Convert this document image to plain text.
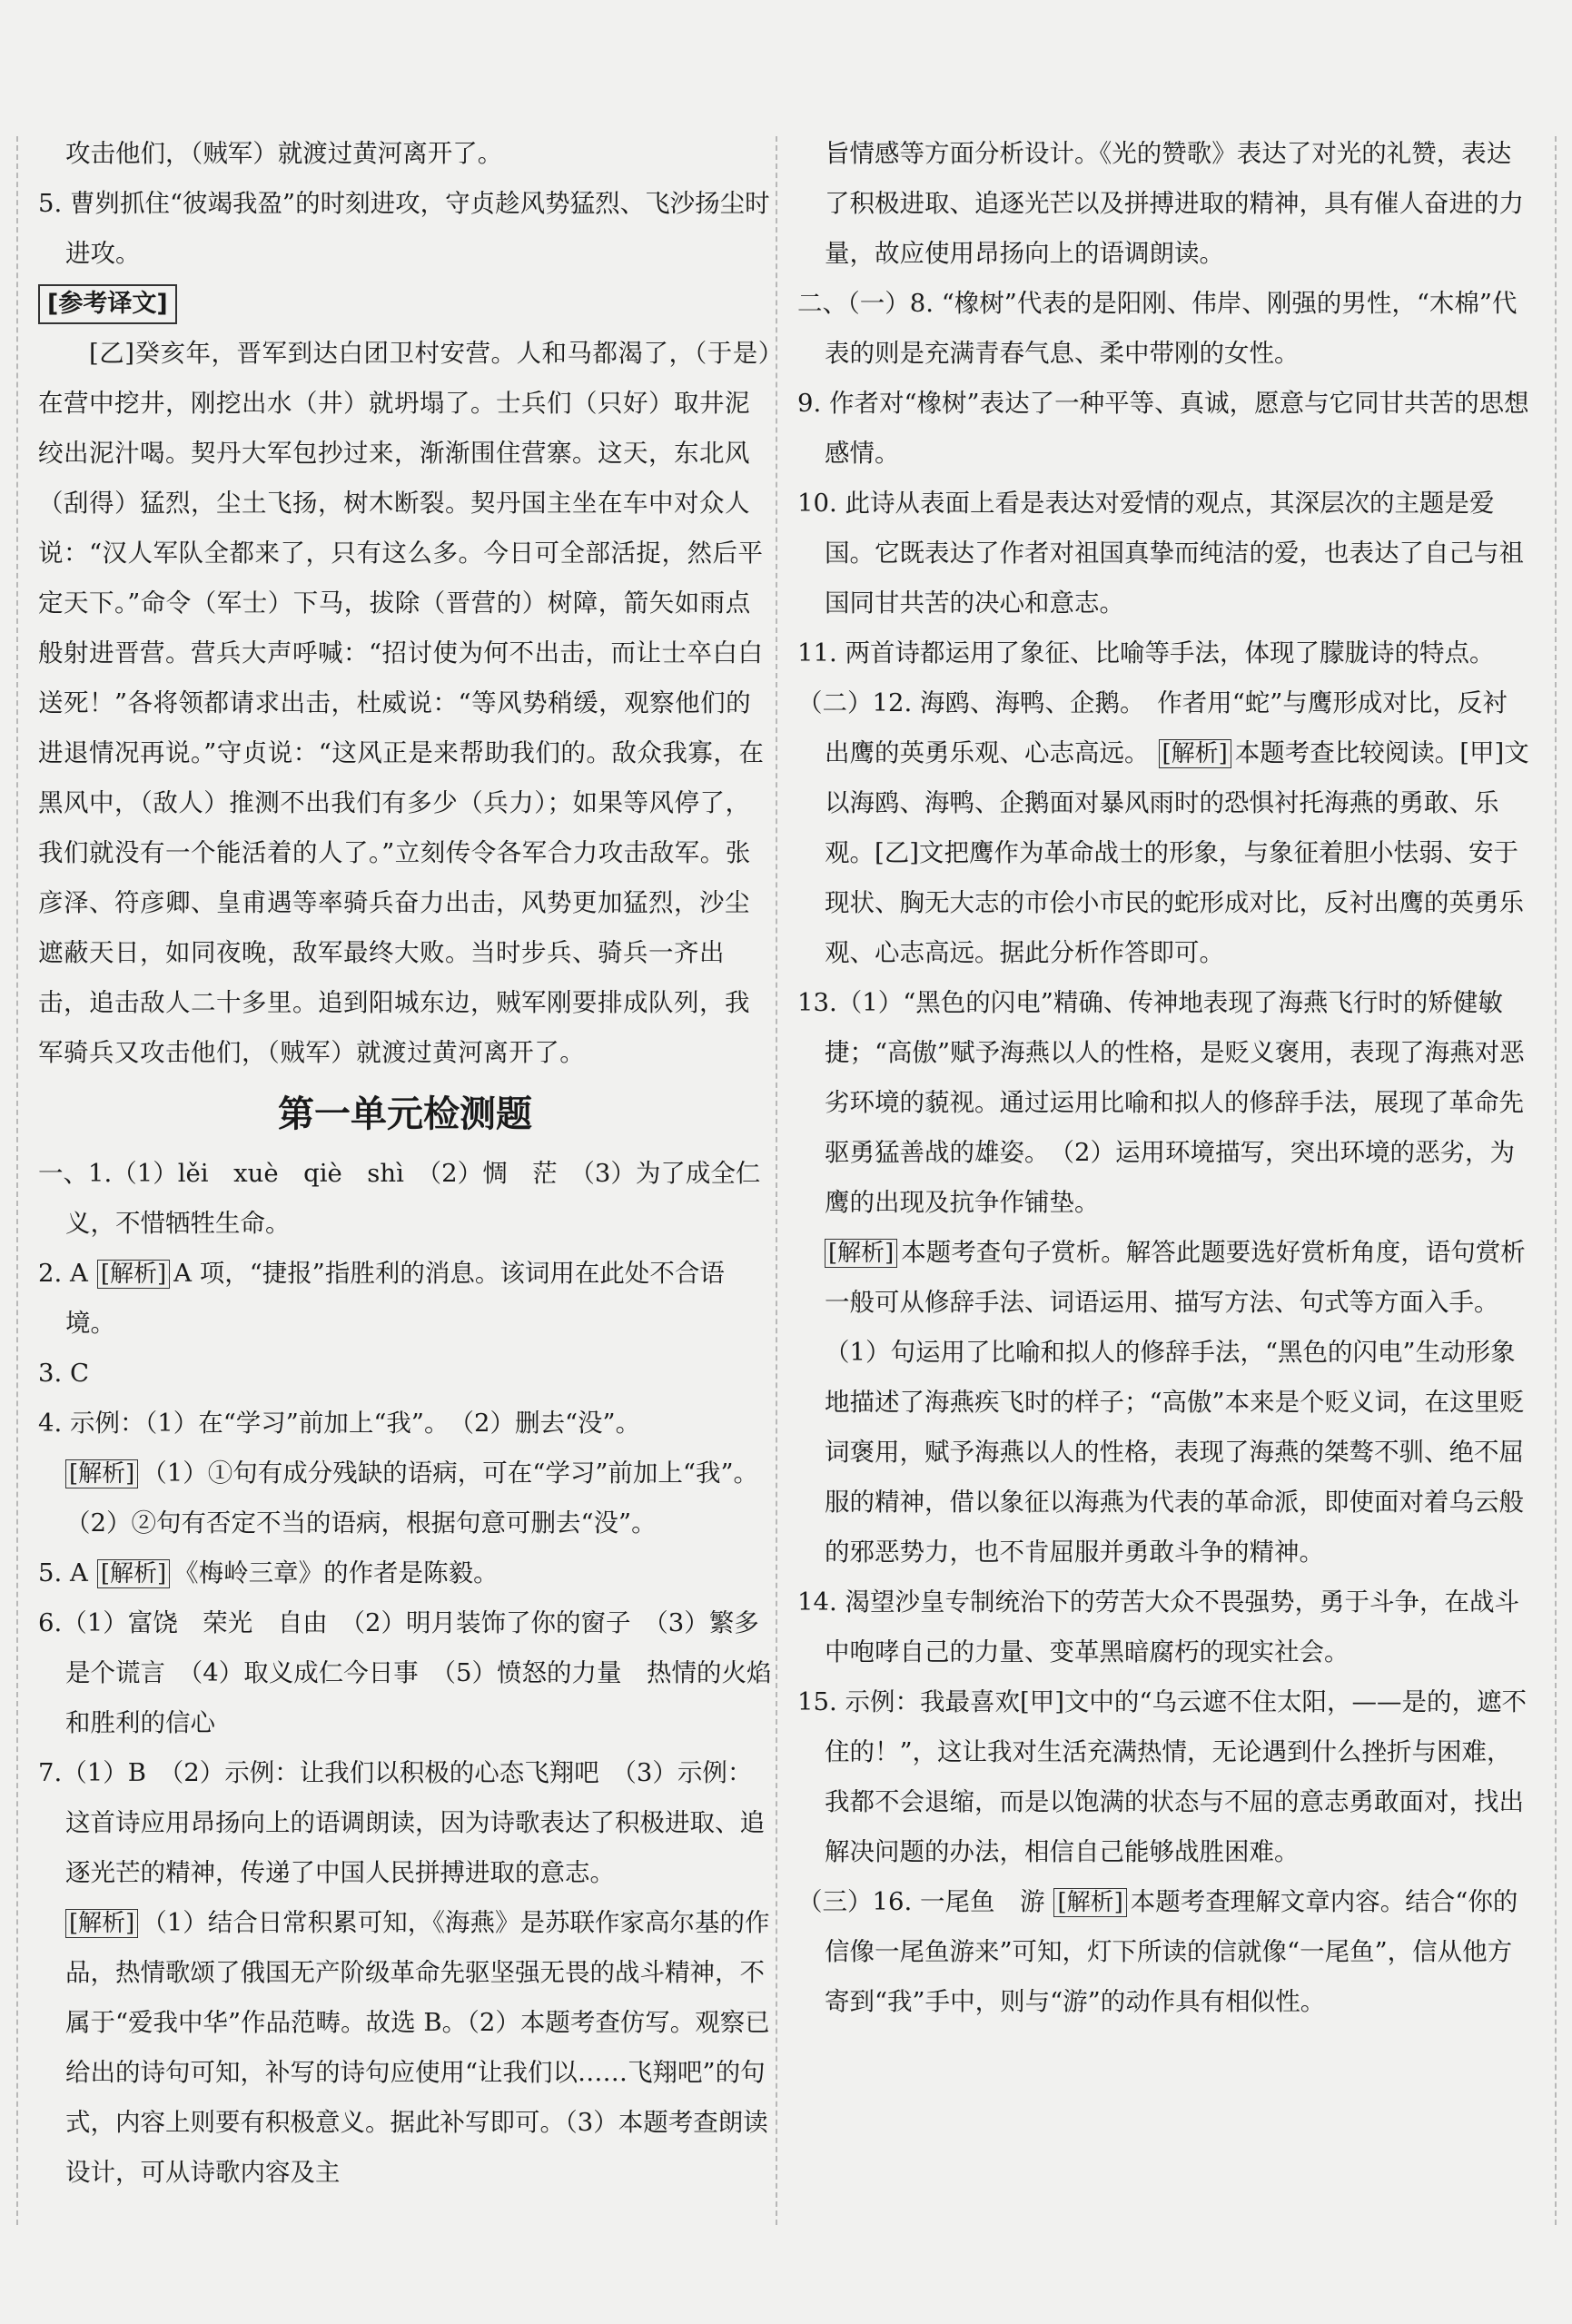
攻击他们，（贼军）就渡过黄河离开了。

5. 曹刿抓住“彼竭我盈”的时刻进攻，守贞趁风势猛烈、飞沙扬尘时进攻。

[参考译文]

[乙]癸亥年，晋军到达白团卫村安营。人和马都渴了，（于是）在营中挖井，刚挖出水（井）就坍塌了。士兵们（只好）取井泥绞出泥汁喝。契丹大军包抄过来，渐渐围住营寨。这天，东北风（刮得）猛烈，尘土飞扬，树木断裂。契丹国主坐在车中对众人说：“汉人军队全都来了，只有这么多。今日可全部活捉，然后平定天下。”命令（军士）下马，拔除（晋营的）树障，箭矢如雨点般射进晋营。营兵大声呼喊：“招讨使为何不出击，而让士卒白白送死！”各将领都请求出击，杜威说：“等风势稍缓，观察他们的进退情况再说。”守贞说：“这风正是来帮助我们的。敌众我寡，在黑风中，（敌人）推测不出我们有多少（兵力）；如果等风停了，我们就没有一个能活着的人了。”立刻传令各军合力攻击敌军。张彦泽、符彦卿、皇甫遇等率骑兵奋力出击，风势更加猛烈，沙尘遮蔽天日，如同夜晚，敌军最终大败。当时步兵、骑兵一齐出击，追击敌人二十多里。追到阳城东边，贼军刚要排成队列，我军骑兵又攻击他们，（贼军）就渡过黄河离开了。

第一单元检测题

一、1.（1）lěi　xuè　qiè　shì　（2）惆　茫　（3）为了成全仁义，不惜牺牲生命。

2. A [解析] A 项，“捷报”指胜利的消息。该词用在此处不合语境。

3. C

4. 示例：（1）在“学习”前加上“我”。　（2）删去“没”。

[解析] （1）①句有成分残缺的语病，可在“学习”前加上“我”。（2）②句有否定不当的语病，根据句意可删去“没”。

5. A [解析] 《梅岭三章》的作者是陈毅。

6.（1）富饶　荣光　自由　（2）明月装饰了你的窗子　（3）繁多是个谎言　（4）取义成仁今日事　（5）愤怒的力量　热情的火焰和胜利的信心

7.（1）B　（2）示例：让我们以积极的心态飞翔吧　（3）示例：这首诗应用昂扬向上的语调朗读，因为诗歌表达了积极进取、追逐光芒的精神，传递了中国人民拼搏进取的意志。

[解析] （1）结合日常积累可知，《海燕》是苏联作家高尔基的作品，热情歌颂了俄国无产阶级革命先驱坚强无畏的战斗精神，不属于“爱我中华”作品范畴。故选 B。（2）本题考查仿写。观察已给出的诗句可知，补写的诗句应使用“让我们以……飞翔吧”的句式，内容上则要有积极意义。据此补写即可。（3）本题考查朗读设计，可从诗歌内容及主

旨情感等方面分析设计。《光的赞歌》表达了对光的礼赞，表达了积极进取、追逐光芒以及拼搏进取的精神，具有催人奋进的力量，故应使用昂扬向上的语调朗读。

二、（一）8. “橡树”代表的是阳刚、伟岸、刚强的男性，“木棉”代表的则是充满青春气息、柔中带刚的女性。

9. 作者对“橡树”表达了一种平等、真诚，愿意与它同甘共苦的思想感情。

10. 此诗从表面上看是表达对爱情的观点，其深层次的主题是爱国。它既表达了作者对祖国真挚而纯洁的爱，也表达了自己与祖国同甘共苦的决心和意志。

11. 两首诗都运用了象征、比喻等手法，体现了朦胧诗的特点。

（二）12. 海鸥、海鸭、企鹅。　作者用“蛇”与鹰形成对比，反衬出鹰的英勇乐观、心志高远。 [解析] 本题考查比较阅读。[甲]文以海鸥、海鸭、企鹅面对暴风雨时的恐惧衬托海燕的勇敢、乐观。[乙]文把鹰作为革命战士的形象，与象征着胆小怯弱、安于现状、胸无大志的市侩小市民的蛇形成对比，反衬出鹰的英勇乐观、心志高远。据此分析作答即可。

13.（1）“黑色的闪电”精确、传神地表现了海燕飞行时的矫健敏捷；“高傲”赋予海燕以人的性格，是贬义褒用，表现了海燕对恶劣环境的藐视。通过运用比喻和拟人的修辞手法，展现了革命先驱勇猛善战的雄姿。　（2）运用环境描写，突出环境的恶劣，为鹰的出现及抗争作铺垫。

[解析] 本题考查句子赏析。解答此题要选好赏析角度，语句赏析一般可从修辞手法、词语运用、描写方法、句式等方面入手。（1）句运用了比喻和拟人的修辞手法，“黑色的闪电”生动形象地描述了海燕疾飞时的样子；“高傲”本来是个贬义词，在这里贬词褒用，赋予海燕以人的性格，表现了海燕的桀骜不驯、绝不屈服的精神，借以象征以海燕为代表的革命派，即使面对着乌云般的邪恶势力，也不肯屈服并勇敢斗争的精神。

14. 渴望沙皇专制统治下的劳苦大众不畏强势，勇于斗争，在战斗中咆哮自己的力量、变革黑暗腐朽的现实社会。

15. 示例：我最喜欢[甲]文中的“乌云遮不住太阳，——是的，遮不住的！”，这让我对生活充满热情，无论遇到什么挫折与困难，我都不会退缩，而是以饱满的状态与不屈的意志勇敢面对，找出解决问题的办法，相信自己能够战胜困难。

（三）16. 一尾鱼　游 [解析] 本题考查理解文章内容。结合“你的信像一尾鱼游来”可知，灯下所读的信就像“一尾鱼”，信从他方寄到“我”手中，则与“游”的动作具有相似性。
